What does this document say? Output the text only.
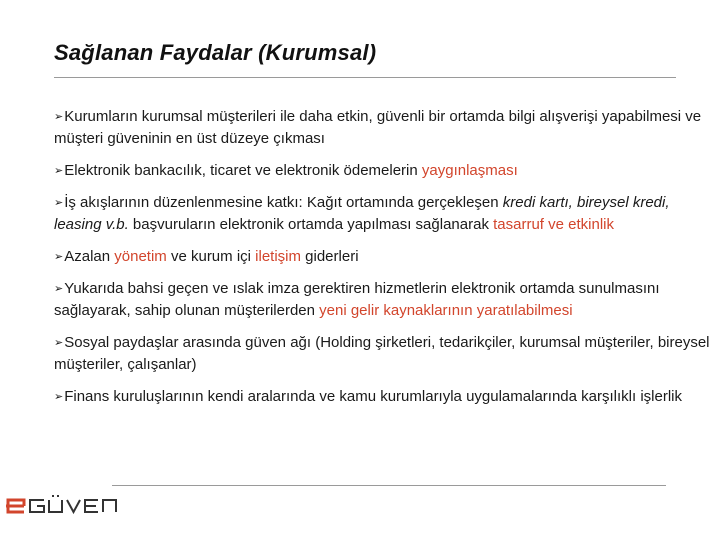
Sağlanan Faydalar (Kurumsal)
➢Kurumların kurumsal müşterileri ile daha etkin, güvenli bir ortamda bilgi alışverişi yapabilmesi ve müşteri güveninin en üst düzeye çıkması
➢Elektronik bankacılık, ticaret ve elektronik ödemelerin yaygınlaşması
➢İş akışlarının düzenlenmesine katkı: Kağıt ortamında gerçekleşen kredi kartı, bireysel kredi, leasing v.b. başvuruların elektronik ortamda yapılması sağlanarak tasarruf ve etkinlik
➢Azalan yönetim ve kurum içi iletişim giderleri
➢Yukarıda bahsi geçen ve ıslak imza gerektiren hizmetlerin elektronik ortamda sunulmasını sağlayarak, sahip olunan müşterilerden yeni gelir kaynaklarının yaratılabilmesi
➢Sosyal paydaşlar arasında güven ağı (Holding şirketleri, tedarikçiler, kurumsal müşteriler, bireysel müşteriler, çalışanlar)
➢Finans kuruluşlarının kendi aralarında ve kamu kurumlarıyla uygulamalarında karşılıklı işlerlik
